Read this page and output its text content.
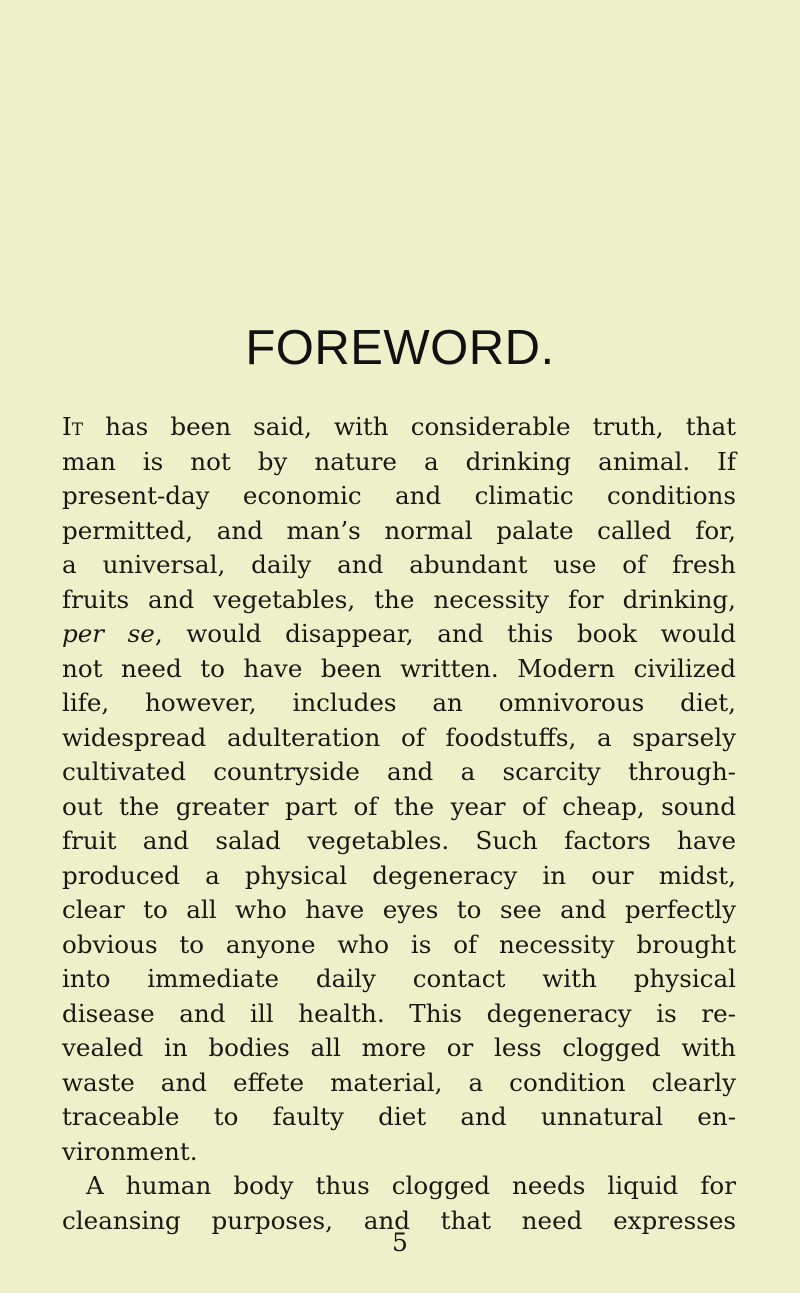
FOREWORD.
It has been said, with considerable truth, that
man is not by nature a drinking animal. If
present-day economic and climatic conditions
permitted, and man’s normal palate called for,
a universal, daily and abundant use of fresh
fruits and vegetables, the necessity for drinking,
per se, would disappear, and this book would
not need to have been written. Modern civilized
life, however, includes an omnivorous diet,
widespread adulteration of foodstuffs, a sparsely
cultivated countryside and a scarcity through-
out the greater part of the year of cheap, sound
fruit and salad vegetables. Such factors have
produced a physical degeneracy in our midst,
clear to all who have eyes to see and perfectly
obvious to anyone who is of necessity brought
into immediate daily contact with physical
disease and ill health. This degeneracy is re-
vealed in bodies all more or less clogged with
waste and effete material, a condition clearly
traceable to faulty diet and unnatural en-
vironment.
A human body thus clogged needs liquid for
cleansing purposes, and that need expresses
5
